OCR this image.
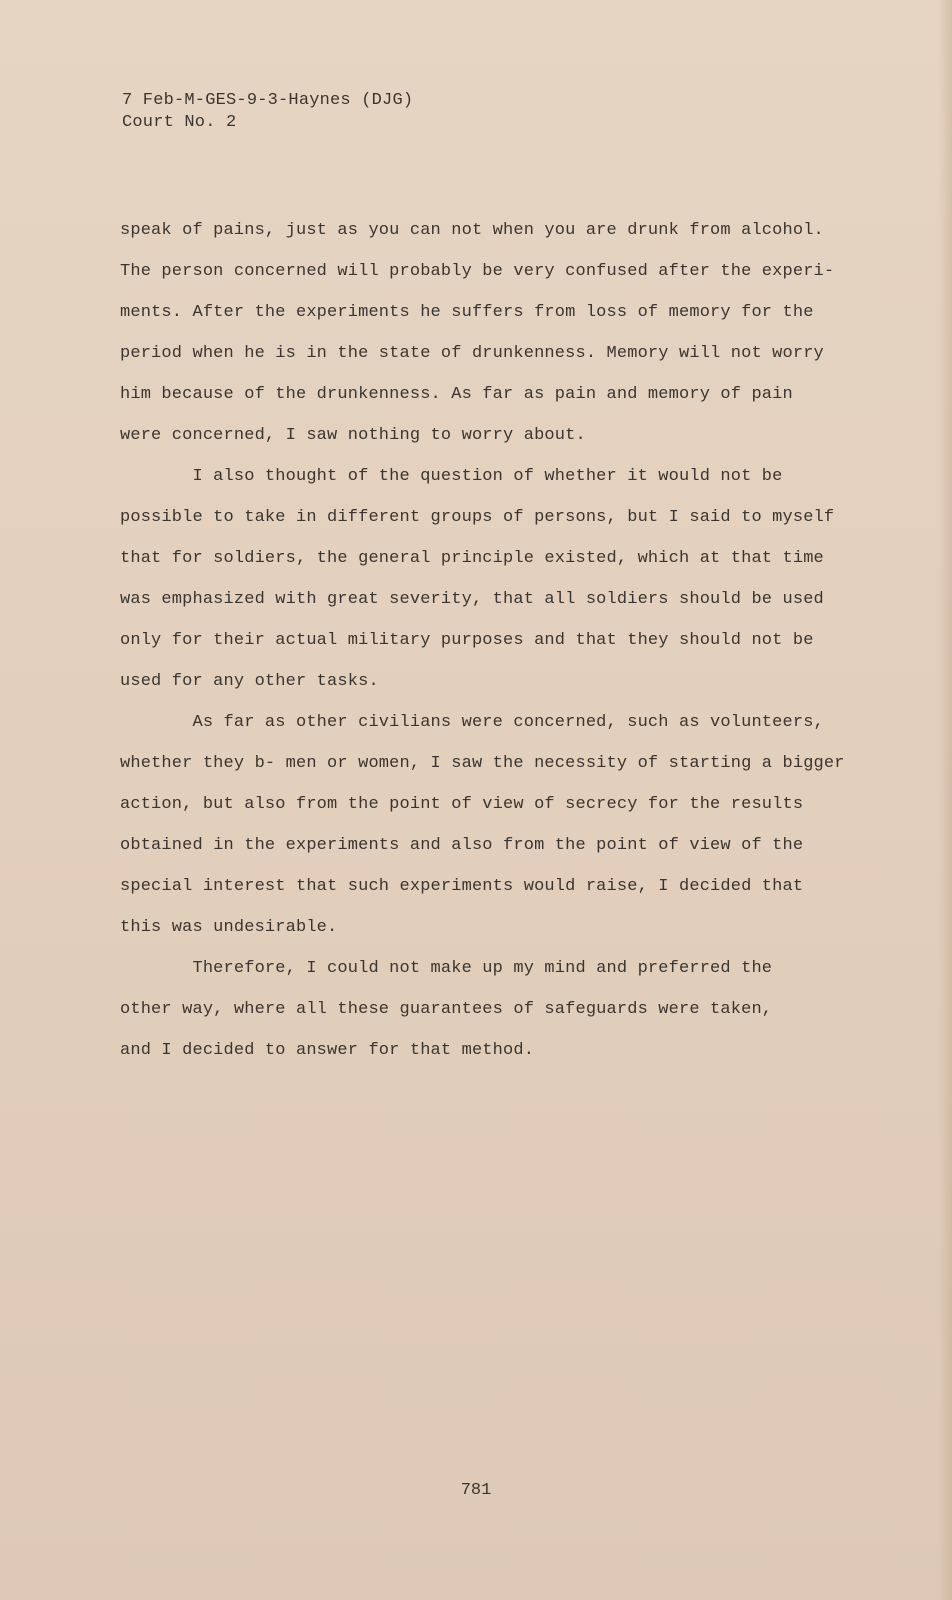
7 Feb-M-GES-9-3-Haynes (DJG)
Court No. 2
speak of pains, just as you can not when you are drunk from alcohol.
The person concerned will probably be very confused after the experi-
ments. After the experiments he suffers from loss of memory for the
period when he is in the state of drunkenness. Memory will not worry
him because of the drunkenness. As far as pain and memory of pain
were concerned, I saw nothing to worry about.
I also thought of the question of whether it would not be
possible to take in different groups of persons, but I said to myself
that for soldiers, the general principle existed, which at that time
was emphasized with great severity, that all soldiers should be used
only for their actual military purposes and that they should not be
used for any other tasks.
As far as other civilians were concerned, such as volunteers,
whether they b- men or women, I saw the necessity of starting a bigger
action, but also from the point of view of secrecy for the results
obtained in the experiments and also from the point of view of the
special interest that such experiments would raise, I decided that
this was undesirable.
Therefore, I could not make up my mind and preferred the
other way, where all these guarantees of safeguards were taken,
and I decided to answer for that method.
781
